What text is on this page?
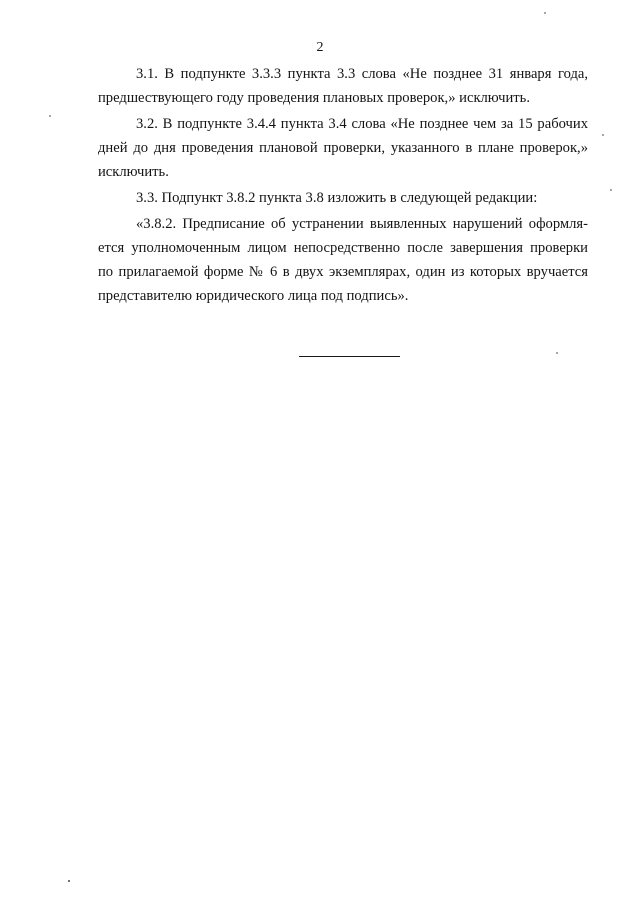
2
3.1. В подпункте 3.3.3 пункта 3.3 слова «Не позднее 31 января года,
предшествующего году проведения плановых проверок,» исключить.
3.2. В подпункте 3.4.4 пункта 3.4 слова «Не позднее чем за 15 рабочих
дней до дня проведения плановой проверки, указанного в плане проверок,»
исключить.
3.3. Подпункт 3.8.2 пункта 3.8 изложить в следующей редакции:
«3.8.2. Предписание об устранении выявленных нарушений оформля-
ется уполномоченным лицом непосредственно после завершения проверки
по прилагаемой форме № 6 в двух экземплярах, один из которых вручается
представителю юридического лица под подпись».
